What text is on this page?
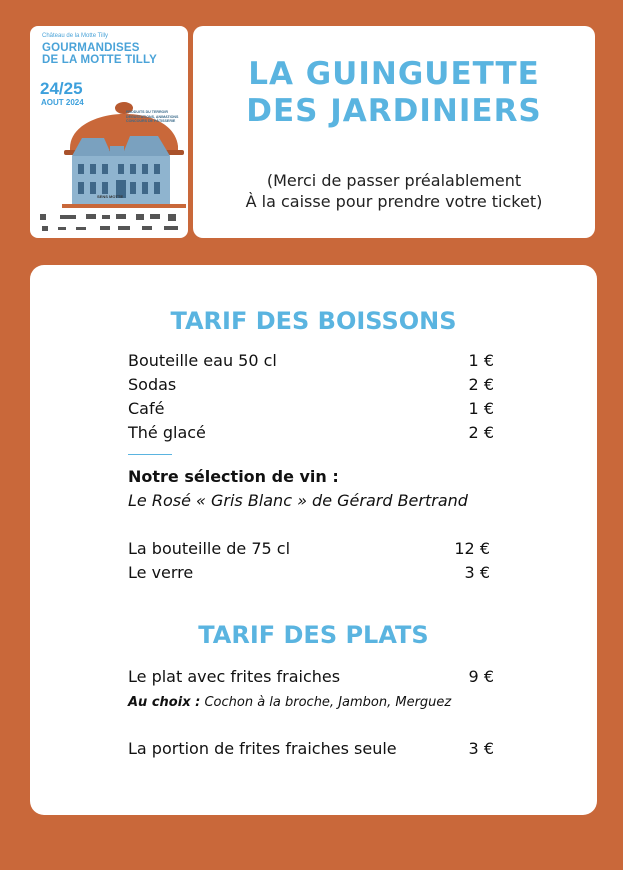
Château de la Motte Tilly
GOURMANDISES
DE LA MOTTE TILLY
24/25
AOUT 2024
PRODUITS DU TERROIR DÉGUSTATIONS, ANIMATIONS CONCOURS DE PÂTISSERIE
SENS MOTTE
LA GUINGUETTE
DES JARDINIERS
(Merci de passer préalablement
À la caisse pour prendre votre ticket)
TARIF DES BOISSONS
Bouteille eau 50 cl	1 €
Sodas	2 €
Café	1 €
Thé glacé	2 €
Notre sélection de vin :
Le Rosé « Gris Blanc » de Gérard Bertrand
La bouteille de 75 cl	12 €
Le verre	3 €
TARIF DES PLATS
Le plat avec frites fraiches	9 €
Au choix : Cochon à la broche, Jambon, Merguez
La portion de frites fraiches seule	3 €
